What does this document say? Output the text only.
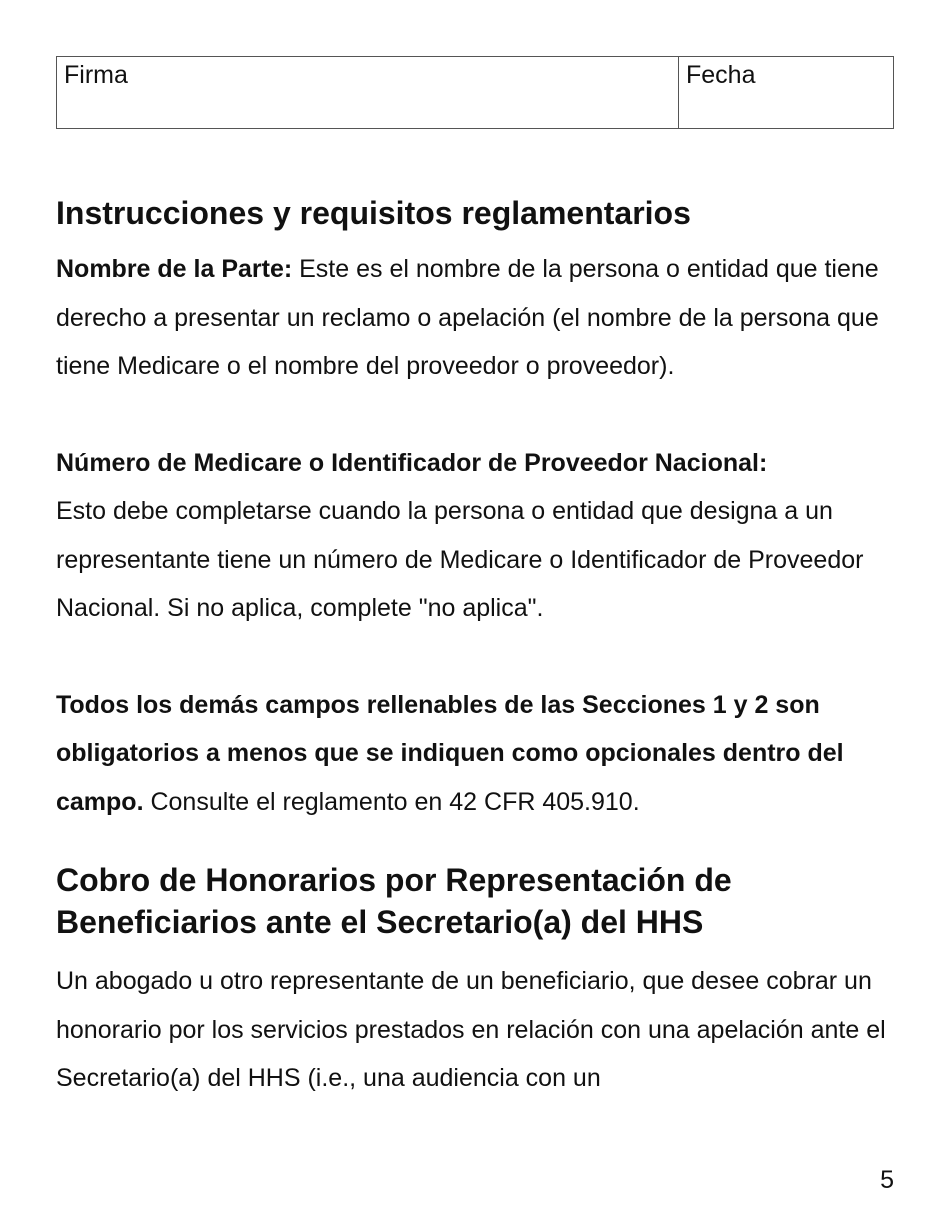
Firma	Fecha
Instrucciones y requisitos reglamentarios

Nombre de la Parte: Este es el nombre de la persona o entidad que tiene derecho a presentar un reclamo o apelación (el nombre de la persona que tiene Medicare o el nombre del proveedor o proveedor).

Número de Medicare o Identificador de Proveedor Nacional:
Esto debe completarse cuando la persona o entidad que designa a un representante tiene un número de Medicare o Identificador de Proveedor Nacional. Si no aplica, complete "no aplica".

Todos los demás campos rellenables de las Secciones 1 y 2 son obligatorios a menos que se indiquen como opcionales dentro del campo. Consulte el reglamento en 42 CFR 405.910.

Cobro de Honorarios por Representación de Beneficiarios ante el Secretario(a) del HHS

Un abogado u otro representante de un beneficiario, que desee cobrar un honorario por los servicios prestados en relación con una apelación ante el Secretario(a) del HHS (i.e., una audiencia con un

5
